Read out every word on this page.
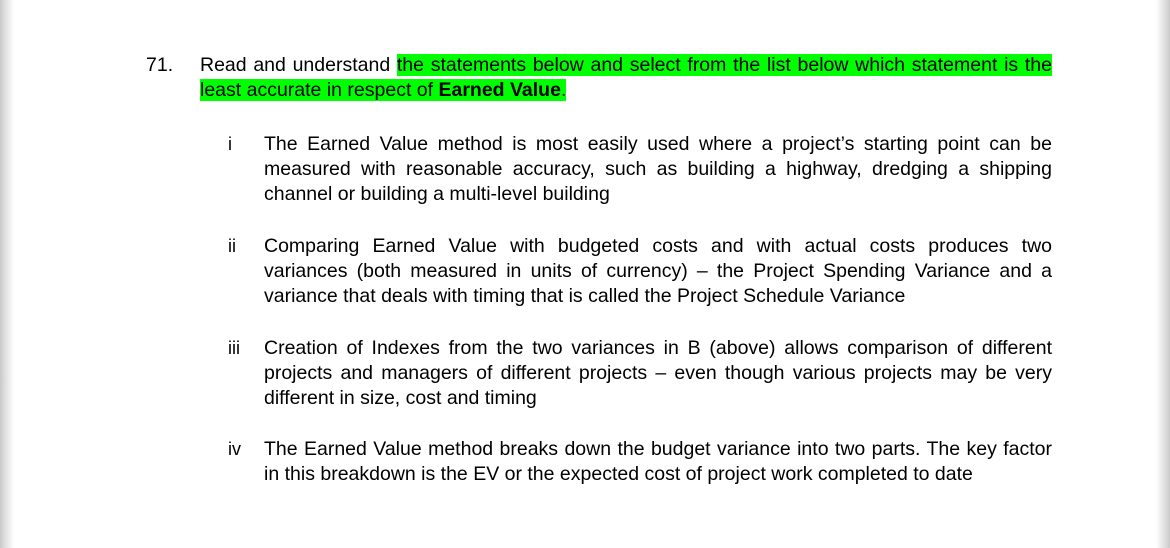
71. Read and understand the statements below and select from the list below which statement is the least accurate in respect of Earned Value.
i The Earned Value method is most easily used where a project’s starting point can be measured with reasonable accuracy, such as building a highway, dredging a shipping channel or building a multi-level building
ii Comparing Earned Value with budgeted costs and with actual costs produces two variances (both measured in units of currency) – the Project Spending Variance and a variance that deals with timing that is called the Project Schedule Variance
iii Creation of Indexes from the two variances in B (above) allows comparison of different projects and managers of different projects – even though various projects may be very different in size, cost and timing
iv The Earned Value method breaks down the budget variance into two parts. The key factor in this breakdown is the EV or the expected cost of project work completed to date
